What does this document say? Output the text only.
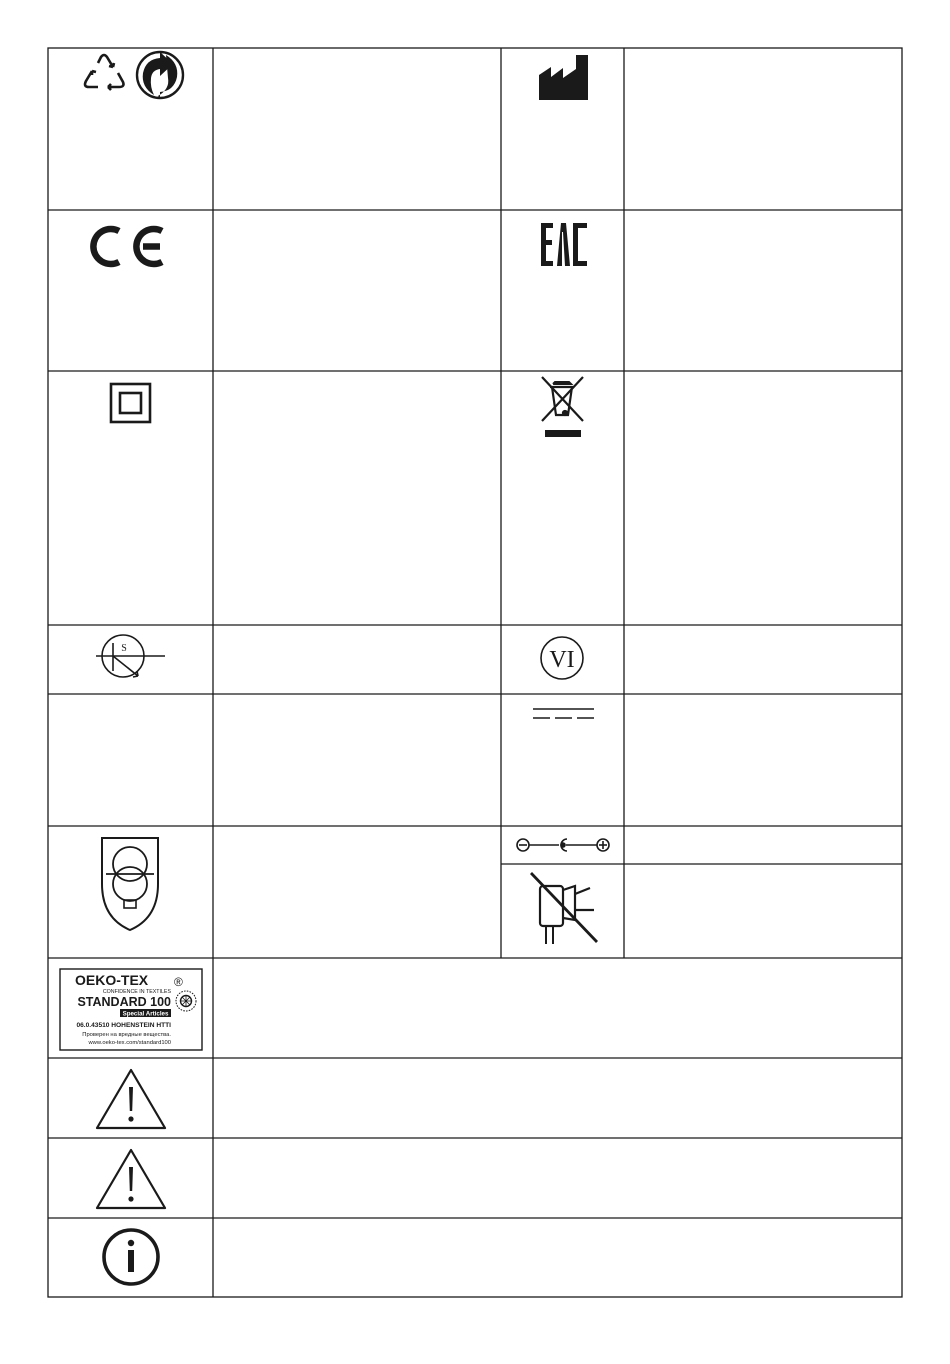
S	VI
OEKO-TEX ®
CONFIDENCE IN TEXTILES
STANDARD 100
Special Articles
06.0.43510 HOHENSTEIN HTTI
Проверен на вредные вещества.
www.oeko-tex.com/standard100
